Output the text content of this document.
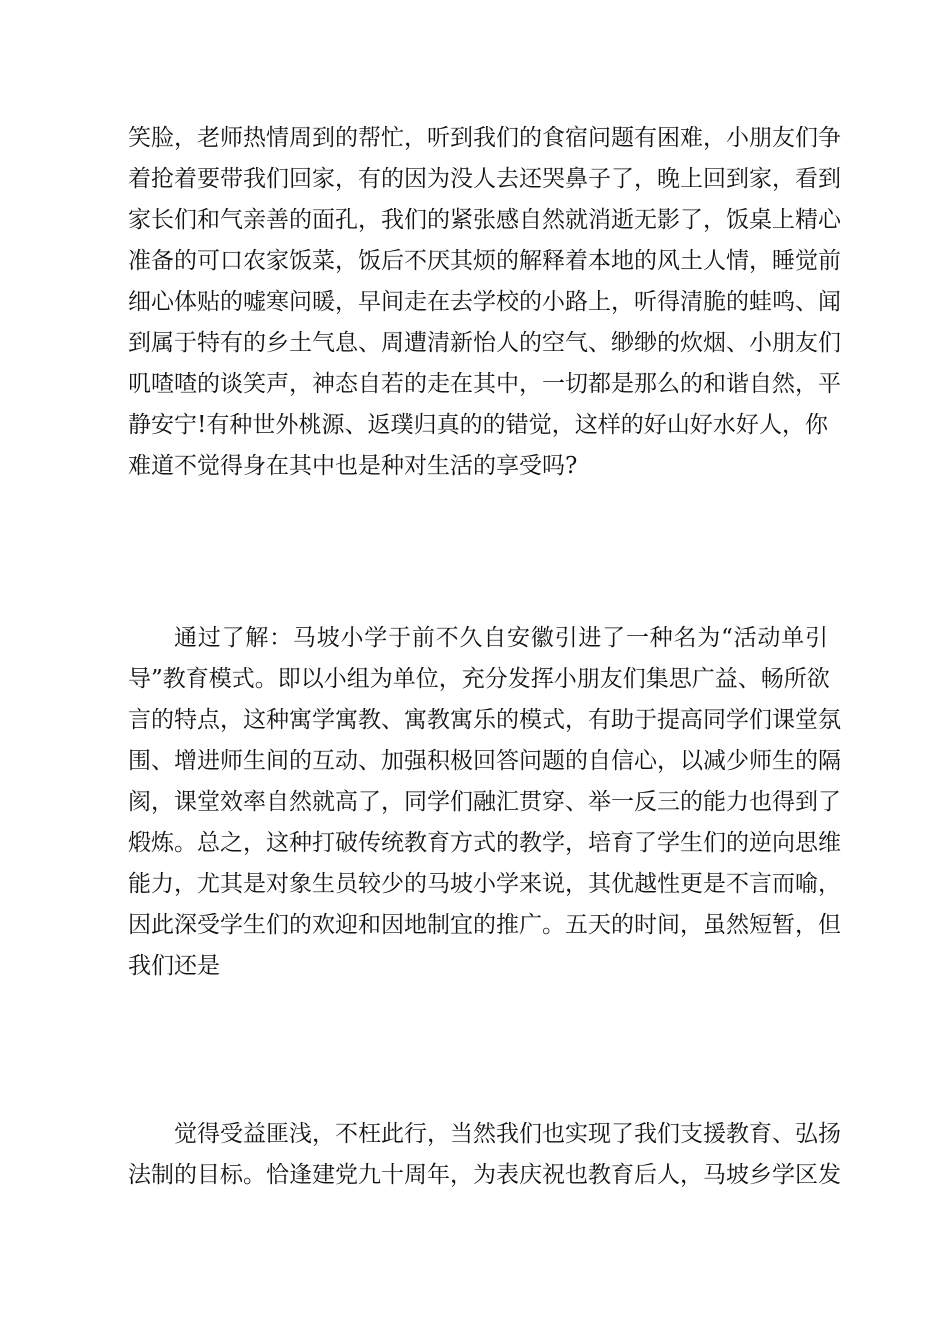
笑脸，老师热情周到的帮忙，听到我们的食宿问题有困难，小朋友们争
着抢着要带我们回家，有的因为没人去还哭鼻子了，晚上回到家，看到
家长们和气亲善的面孔，我们的紧张感自然就消逝无影了，饭桌上精心
准备的可口农家饭菜，饭后不厌其烦的解释着本地的风土人情，睡觉前
细心体贴的嘘寒问暖，早间走在去学校的小路上，听得清脆的蛙鸣、闻
到属于特有的乡土气息、周遭清新怡人的空气、缈缈的炊烟、小朋友们
叽喳喳的谈笑声，神态自若的走在其中，一切都是那么的和谐自然，平
静安宁!有种世外桃源、返璞归真的的错觉，这样的好山好水好人，你
难道不觉得身在其中也是种对生活的享受吗?
通过了解：马坡小学于前不久自安徽引进了一种名为“活动单引
导”教育模式。即以小组为单位，充分发挥小朋友们集思广益、畅所欲
言的特点，这种寓学寓教、寓教寓乐的模式，有助于提高同学们课堂氛
围、增进师生间的互动、加强积极回答问题的自信心，以减少师生的隔
阂，课堂效率自然就高了，同学们融汇贯穿、举一反三的能力也得到了
煅炼。总之，这种打破传统教育方式的教学，培育了学生们的逆向思维
能力，尤其是对象生员较少的马坡小学来说，其优越性更是不言而喻，
因此深受学生们的欢迎和因地制宜的推广。五天的时间，虽然短暂，但
我们还是
觉得受益匪浅，不枉此行，当然我们也实现了我们支援教育、弘扬
法制的目标。恰逢建党九十周年，为表庆祝也教育后人，马坡乡学区发
